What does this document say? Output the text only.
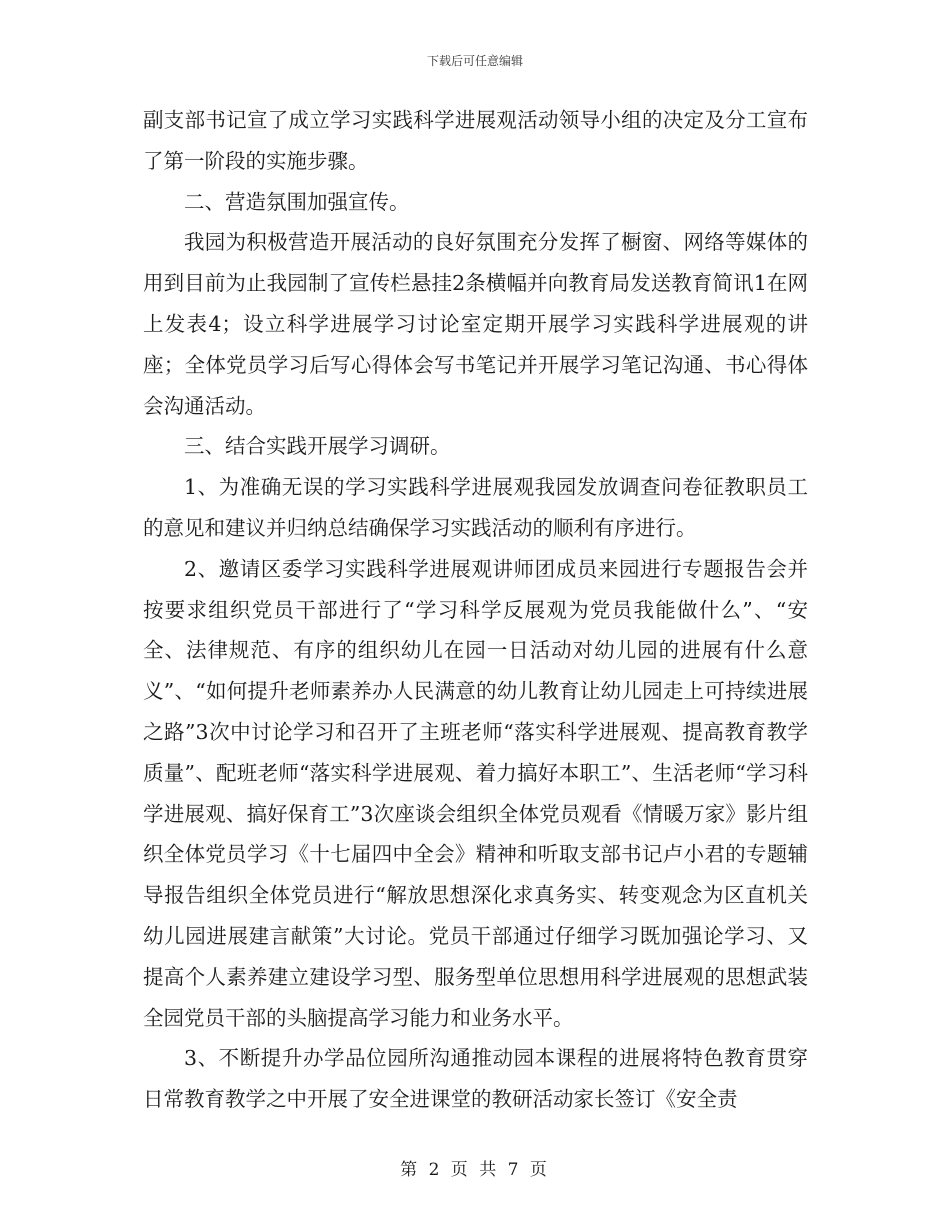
下载后可任意编辑

副支部书记宣了成立学习实践科学进展观活动领导小组的决定及分工宣布了第一阶段的实施步骤。

二、营造氛围加强宣传。

我园为积极营造开展活动的良好氛围充分发挥了橱窗、网络等媒体的用到目前为止我园制了宣传栏悬挂2条横幅并向教育局发送教育简讯1在网上发表4；设立科学进展学习讨论室定期开展学习实践科学进展观的讲座；全体党员学习后写心得体会写书笔记并开展学习笔记沟通、书心得体会沟通活动。

三、结合实践开展学习调研。

1、为准确无误的学习实践科学进展观我园发放调查问卷征教职员工的意见和建议并归纳总结确保学习实践活动的顺利有序进行。

2、邀请区委学习实践科学进展观讲师团成员来园进行专题报告会并按要求组织党员干部进行了“学习科学反展观为党员我能做什么”、“安全、法律规范、有序的组织幼儿在园一日活动对幼儿园的进展有什么意义”、“如何提升老师素养办人民满意的幼儿教育让幼儿园走上可持续进展之路”3次中讨论学习和召开了主班老师“落实科学进展观、提高教育教学质量”、配班老师“落实科学进展观、着力搞好本职工”、生活老师“学习科学进展观、搞好保育工”3次座谈会组织全体党员观看《情暖万家》影片组织全体党员学习《十七届四中全会》精神和听取支部书记卢小君的专题辅导报告组织全体党员进行“解放思想深化求真务实、转变观念为区直机关幼儿园进展建言献策”大讨论。党员干部通过仔细学习既加强论学习、又提高个人素养建立建设学习型、服务型单位思想用科学进展观的思想武装全园党员干部的头脑提高学习能力和业务水平。

3、不断提升办学品位园所沟通推动园本课程的进展将特色教育贯穿日常教育教学之中开展了安全进课堂的教研活动家长签订《安全责

第 2 页 共 7 页
